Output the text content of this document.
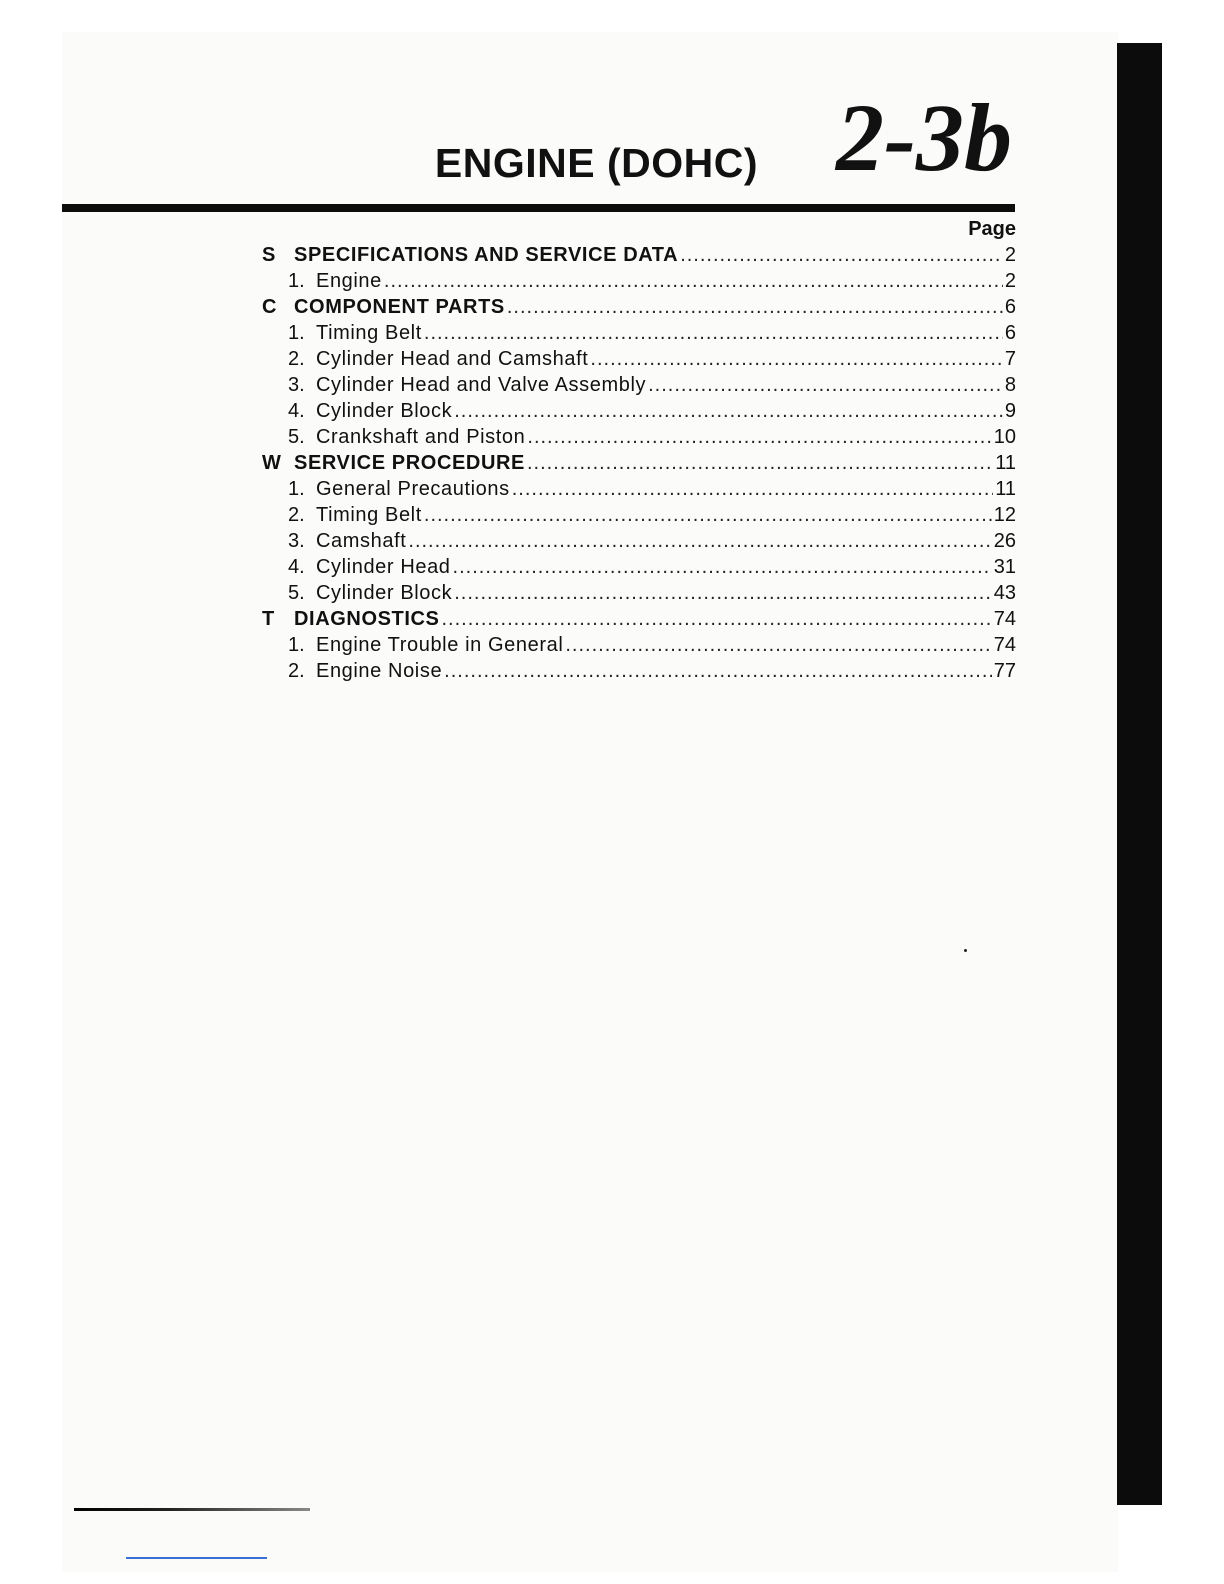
ENGINE (DOHC) 2-3b
Page
S SPECIFICATIONS AND SERVICE DATA .....	2
1. Engine .....	2
C COMPONENT PARTS .....	6
1. Timing Belt .....	6
2. Cylinder Head and Camshaft .....	7
3. Cylinder Head and Valve Assembly .....	8
4. Cylinder Block .....	9
5. Crankshaft and Piston .....	10
W SERVICE PROCEDURE .....	11
1. General Precautions .....	11
2. Timing Belt .....	12
3. Camshaft .....	26
4. Cylinder Head .....	31
5. Cylinder Block .....	43
T DIAGNOSTICS .....	74
1. Engine Trouble in General .....	74
2. Engine Noise .....	77
